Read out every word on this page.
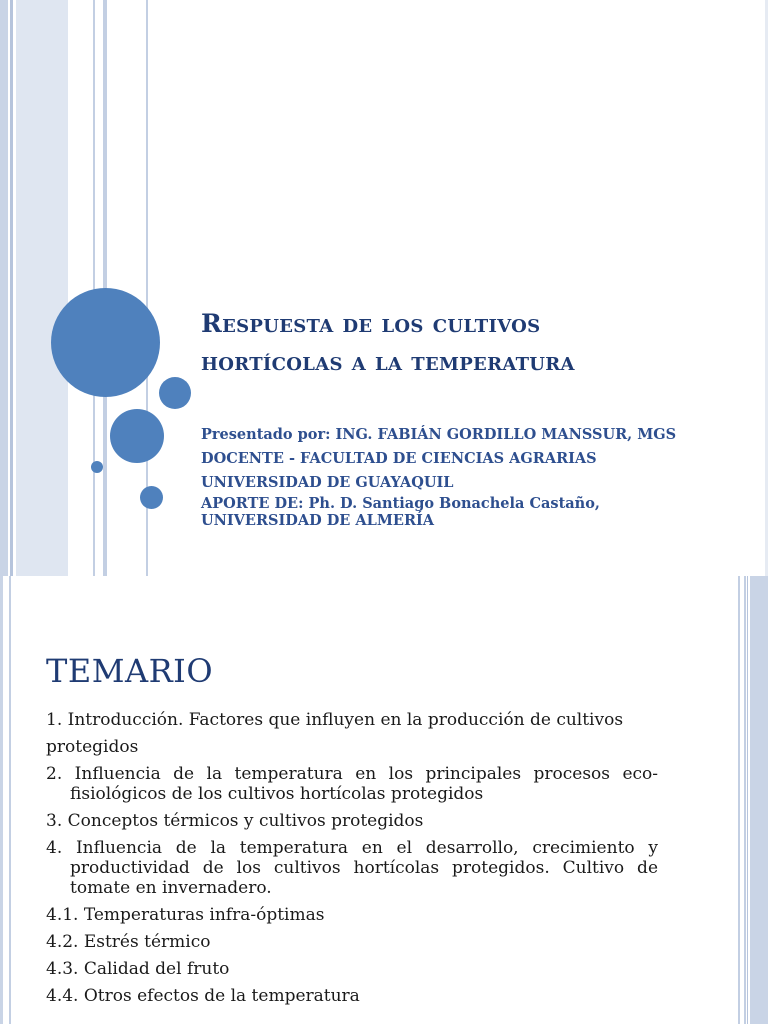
Respuesta de los cultivos
hortícolas a la temperatura
Presentado por: ING. FABIÁN GORDILLO MANSSUR, MGS
DOCENTE - FACULTAD DE CIENCIAS AGRARIAS
UNIVERSIDAD DE GUAYAQUIL
APORTE DE: Ph. D. Santiago Bonachela Castaño,
UNIVERSIDAD DE ALMERÍA
TEMARIO
1. Introducción. Factores que influyen en la producción de cultivos
protegidos
2. Influencia de la temperatura en los principales procesos eco-fisiológicos de los cultivos hortícolas protegidos
3. Conceptos térmicos y cultivos protegidos
4. Influencia de la temperatura en el desarrollo, crecimiento y productividad de los cultivos hortícolas protegidos. Cultivo de tomate en invernadero.
4.1. Temperaturas infra-óptimas
4.2. Estrés térmico
4.3. Calidad del fruto
4.4. Otros efectos de la temperatura
